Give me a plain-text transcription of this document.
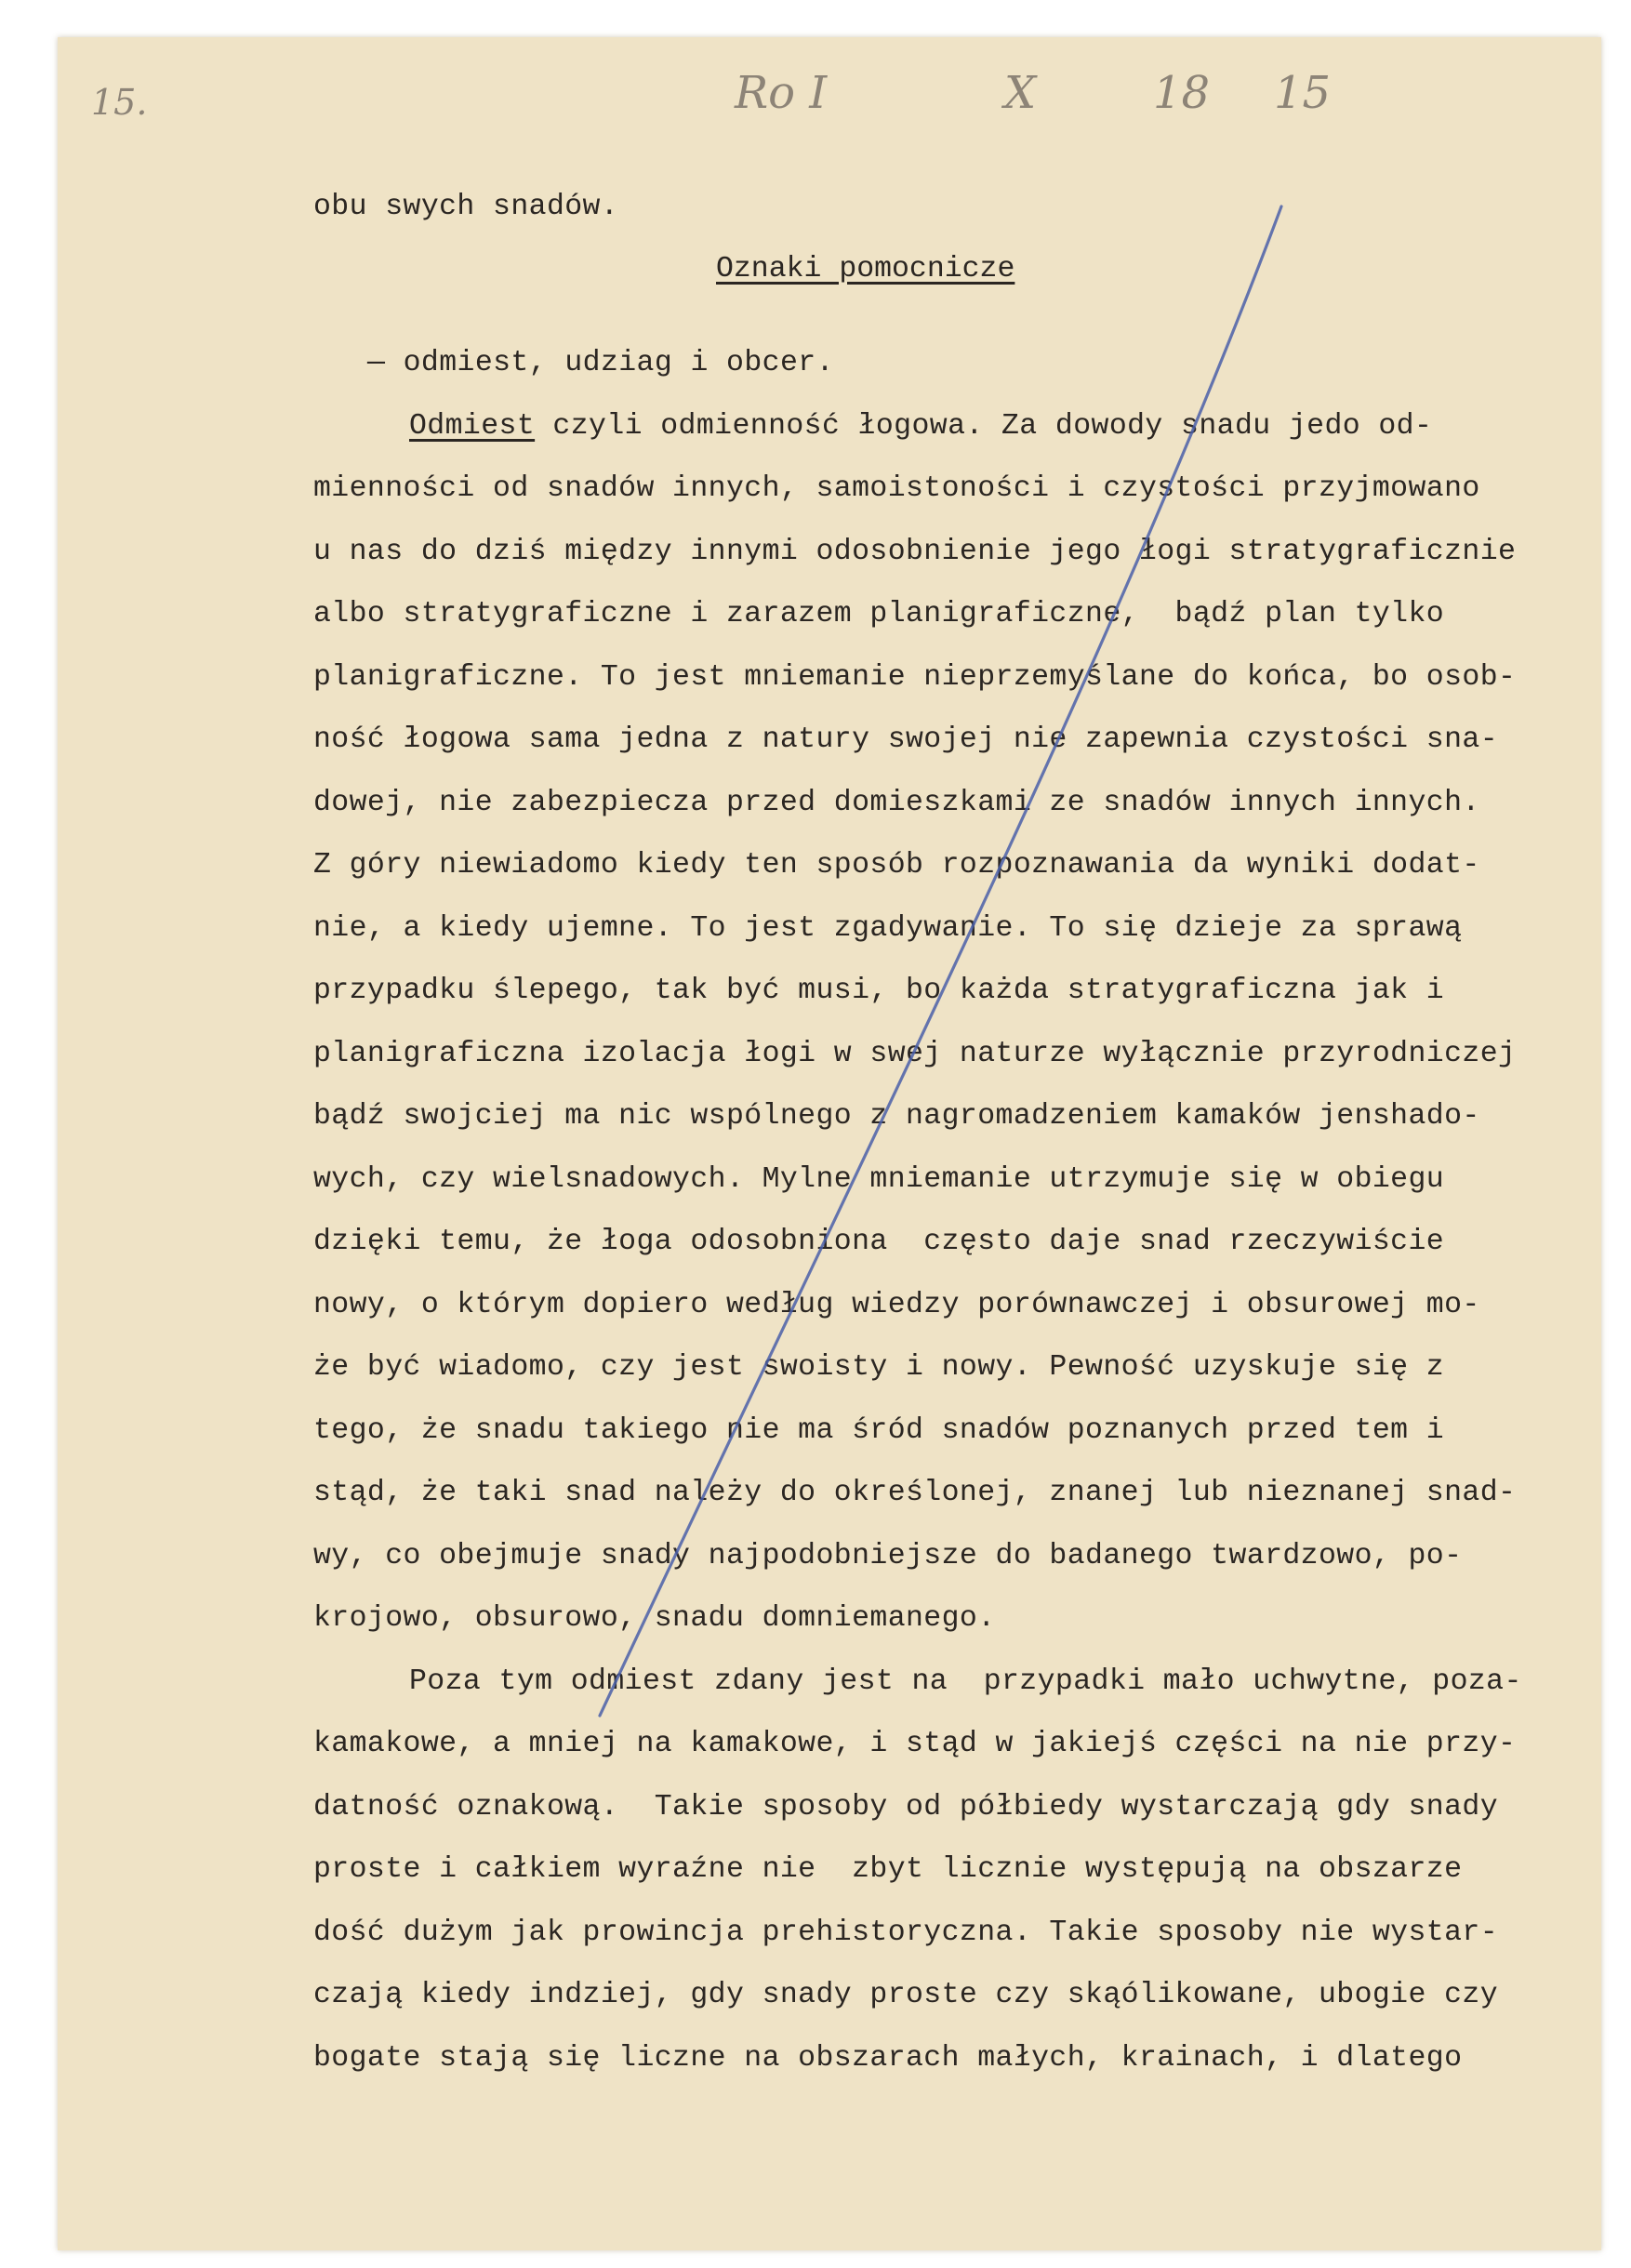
15.	Ro I	X	18 15
obu swych snadów.
Oznaki pomocnicze
— odmiest, udziag i obcer.
Odmiest czyli odmienność łogowa. Za dowody snadu jedo od-
mienności od snadów innych, samoistoności i czystości przyjmowano
u nas do dziś między innymi odosobnienie jego łogi stratygraficznie
albo stratygraficzne i zarazem planigraficzne,  bądź plan tylko
planigraficzne. To jest mniemanie nieprzemyślane do końca, bo osob-
ność łogowa sama jedna z natury swojej nie zapewnia czystości sna-
dowej, nie zabezpiecza przed domieszkami ze snadów innych innych.
Z góry niewiadomo kiedy ten sposób rozpoznawania da wyniki dodat-
nie, a kiedy ujemne. To jest zgadywanie. To się dzieje za sprawą
przypadku ślepego, tak być musi, bo każda stratygraficzna jak i
planigraficzna izolacja łogi w swej naturze wyłącznie przyrodniczej
bądź swojciej ma nic wspólnego z nagromadzeniem kamaków jenshado-
wych, czy wielsnadowych. Mylne mniemanie utrzymuje się w obiegu
dzięki temu, że łoga odosobniona  często daje snad rzeczywiście
nowy, o którym dopiero według wiedzy porównawczej i obsurowej mo-
że być wiadomo, czy jest swoisty i nowy. Pewność uzyskuje się z
tego, że snadu takiego nie ma śród snadów poznanych przed tem i
stąd, że taki snad należy do określonej, znanej lub nieznanej snad-
wy, co obejmuje snady najpodobniejsze do badanego twardzowo, po-
krojowo, obsurowo, snadu domniemanego.
Poza tym odmiest zdany jest na  przypadki mało uchwytne, poza-
kamakowe, a mniej na kamakowe, i stąd w jakiejś części na nie przy-
datność oznakową.  Takie sposoby od półbiedy wystarczają gdy snady
proste i całkiem wyraźne nie  zbyt licznie występują na obszarze
dość dużym jak prowincja prehistoryczna. Takie sposoby nie wystar-
czają kiedy indziej, gdy snady proste czy skąólikowane, ubogie czy
bogate stają się liczne na obszarach małych, krainach, i dlatego
